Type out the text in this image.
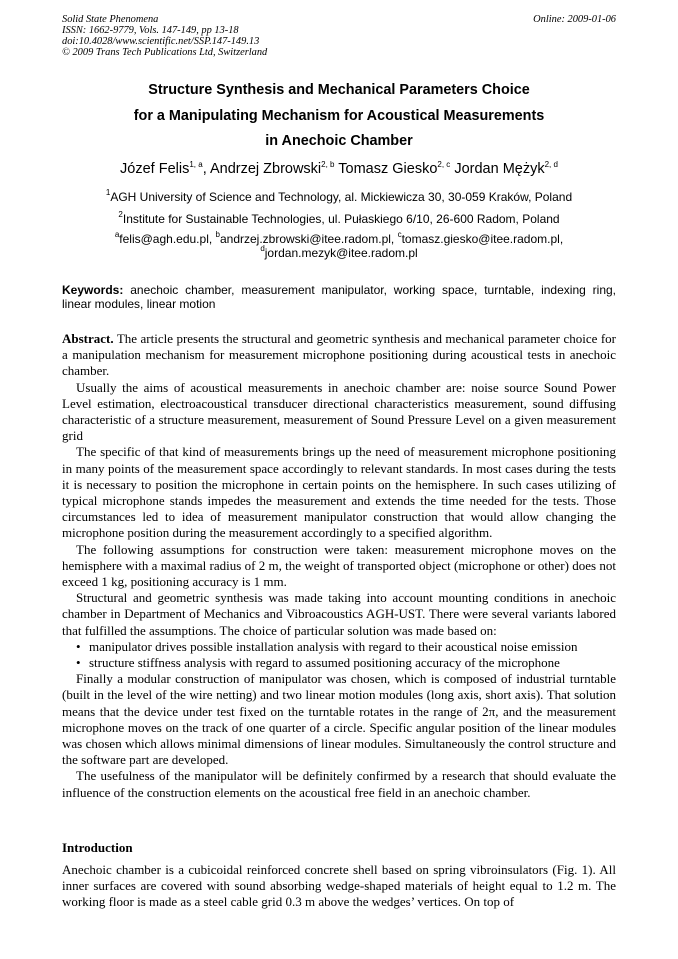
Solid State Phenomena
ISSN: 1662-9779, Vols. 147-149, pp 13-18
doi:10.4028/www.scientific.net/SSP.147-149.13
© 2009 Trans Tech Publications Ltd, Switzerland
Online: 2009-01-06
Structure Synthesis and Mechanical Parameters Choice
for a Manipulating Mechanism for Acoustical Measurements
in Anechoic Chamber
Józef Felis$^{1, a}$, Andrzej Zbrowski$^{2, b}$ Tomasz Giesko$^{2, c}$ Jordan Mężyk$^{2, d}$
$^1$AGH University of Science and Technology, al. Mickiewicza 30, 30-059 Kraków, Poland
$^2$Institute for Sustainable Technologies, ul. Pułaskiego 6/10, 26-600 Radom, Poland
$^a$felis@agh.edu.pl, $^b$andrzej.zbrowski@itee.radom.pl, $^c$tomasz.giesko@itee.radom.pl,
$^d$jordan.mezyk@itee.radom.pl
Keywords: anechoic chamber, measurement manipulator, working space, turntable, indexing ring, linear modules, linear motion

Abstract. The article presents the structural and geometric synthesis and mechanical parameter choice for a manipulation mechanism for measurement microphone positioning during acoustical tests in anechoic chamber.

Usually the aims of acoustical measurements in anechoic chamber are: noise source Sound Power Level estimation, electroacoustical transducer directional characteristics measurement, sound diffusing characteristic of a structure measurement, measurement of Sound Pressure Level on a given measurement grid

The specific of that kind of measurements brings up the need of measurement microphone positioning in many points of the measurement space accordingly to relevant standards. In most cases during the tests it is necessary to position the microphone in certain points on the hemisphere. In such cases utilizing of typical microphone stands impedes the measurement and extends the time needed for the tests. Those circumstances led to idea of measurement manipulator construction that would allow changing the microphone position during the measurement accordingly to a specified algorithm.

The following assumptions for construction were taken: measurement microphone moves on the hemisphere with a maximal radius of 2 m, the weight of transported object (microphone or other) does not exceed 1 kg, positioning accuracy is 1 mm.

Structural and geometric synthesis was made taking into account mounting conditions in anechoic chamber in Department of Mechanics and Vibroacoustics AGH-UST. There were several variants labored that fulfilled the assumptions. The choice of particular solution was made based on:

• manipulator drives possible installation analysis with regard to their acoustical noise emission
• structure stiffness analysis with regard to assumed positioning accuracy of the microphone

Finally a modular construction of manipulator was chosen, which is composed of industrial turntable (built in the level of the wire netting) and two linear motion modules (long axis, short axis). That solution means that the device under test fixed on the turntable rotates in the range of 2π, and the measurement microphone moves on the track of one quarter of a circle. Specific angular position of the linear modules was chosen which allows minimal dimensions of linear modules. Simultaneously the control structure and the software part are developed.

The usefulness of the manipulator will be definitely confirmed by a research that should evaluate the influence of the construction elements on the acoustical free field in an anechoic chamber.

Introduction

Anechoic chamber is a cubicoidal reinforced concrete shell based on spring vibroinsulators (Fig. 1). All inner surfaces are covered with sound absorbing wedge-shaped materials of height equal to 1.2 m. The working floor is made as a steel cable grid 0.3 m above the wedges’ vertices. On top of
